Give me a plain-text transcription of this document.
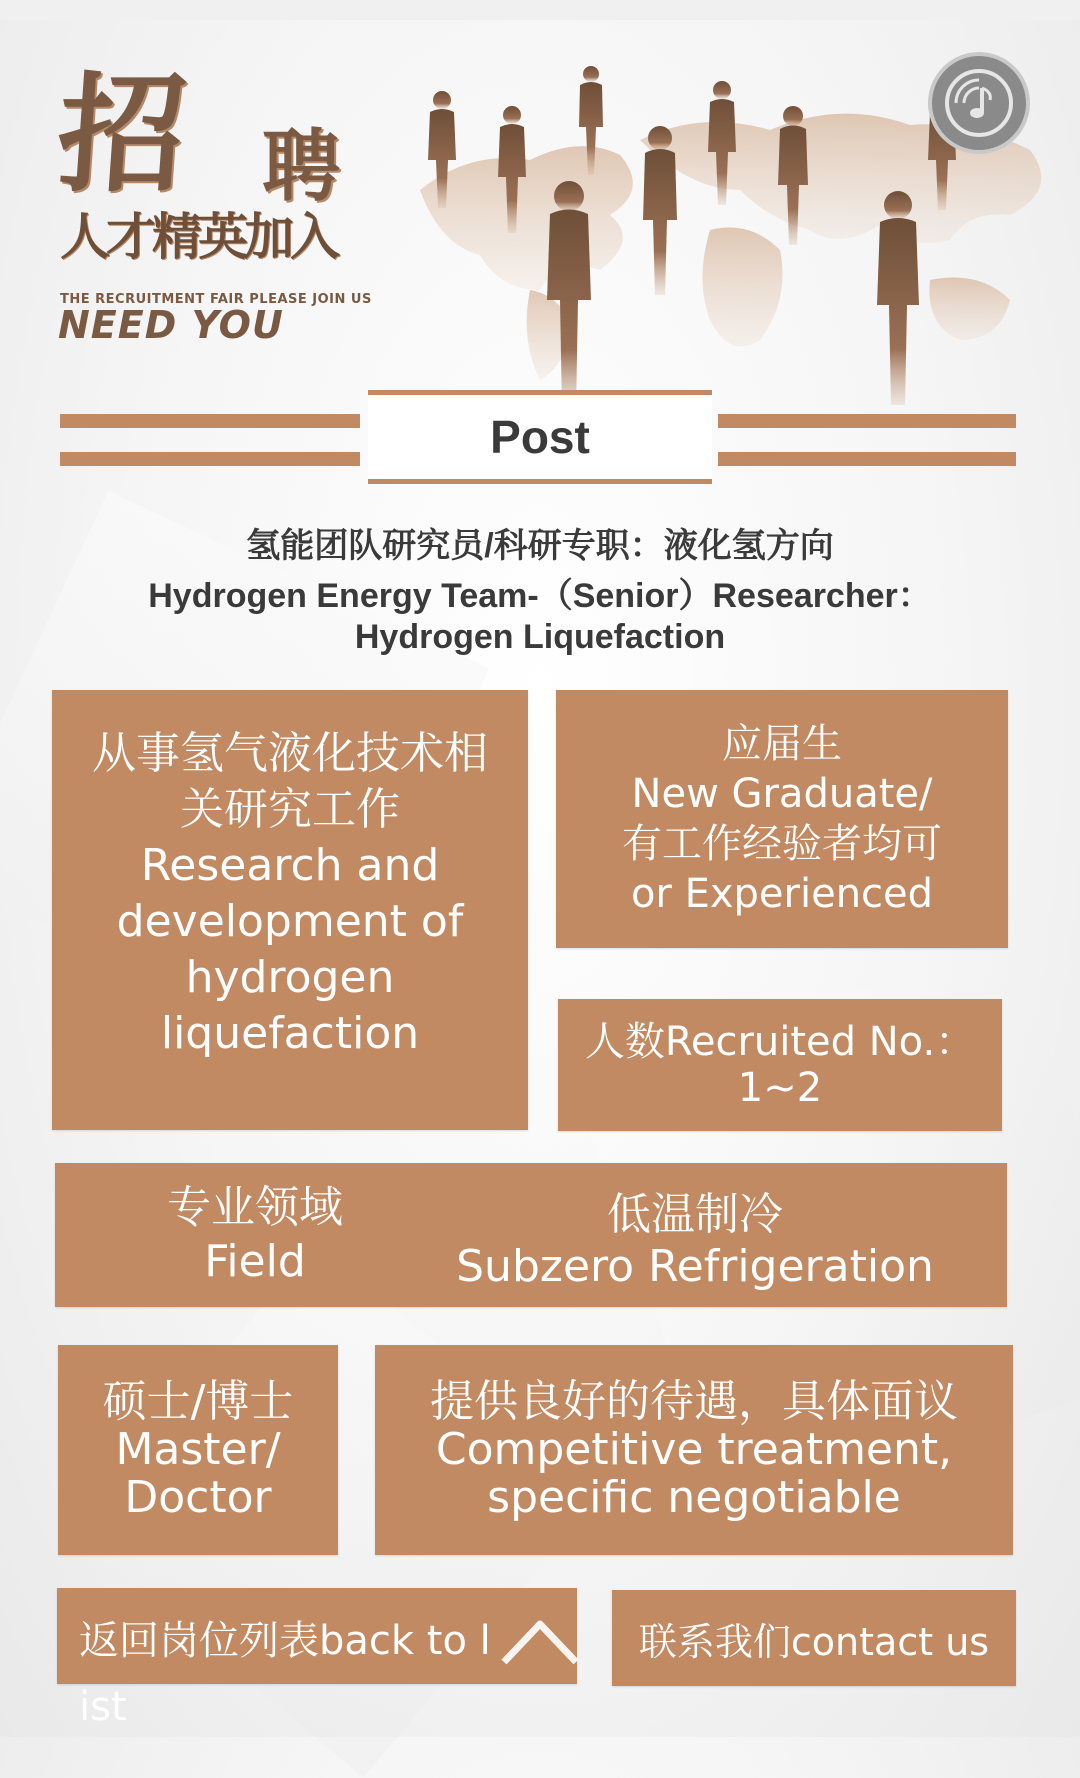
招 聘
人才精英加入
THE RECRUITMENT FAIR PLEASE JOIN US
NEED YOU
Post
氢能团队研究员/科研专职：液化氢方向
Hydrogen Energy Team-（Senior）Researcher：
Hydrogen Liquefaction
从事氢气液化技术相
关研究工作
Research and
development of
hydrogen
liquefaction
应届生
New Graduate/
有工作经验者均可
or Experienced
人数Recruited No.：
1~2
专业领域
Field
低温制冷
Subzero Refrigeration
硕士/博士
Master/
Doctor
提供良好的待遇，具体面议
Competitive treatment,
specific negotiable
返回岗位列表back to list
联系我们contact us
